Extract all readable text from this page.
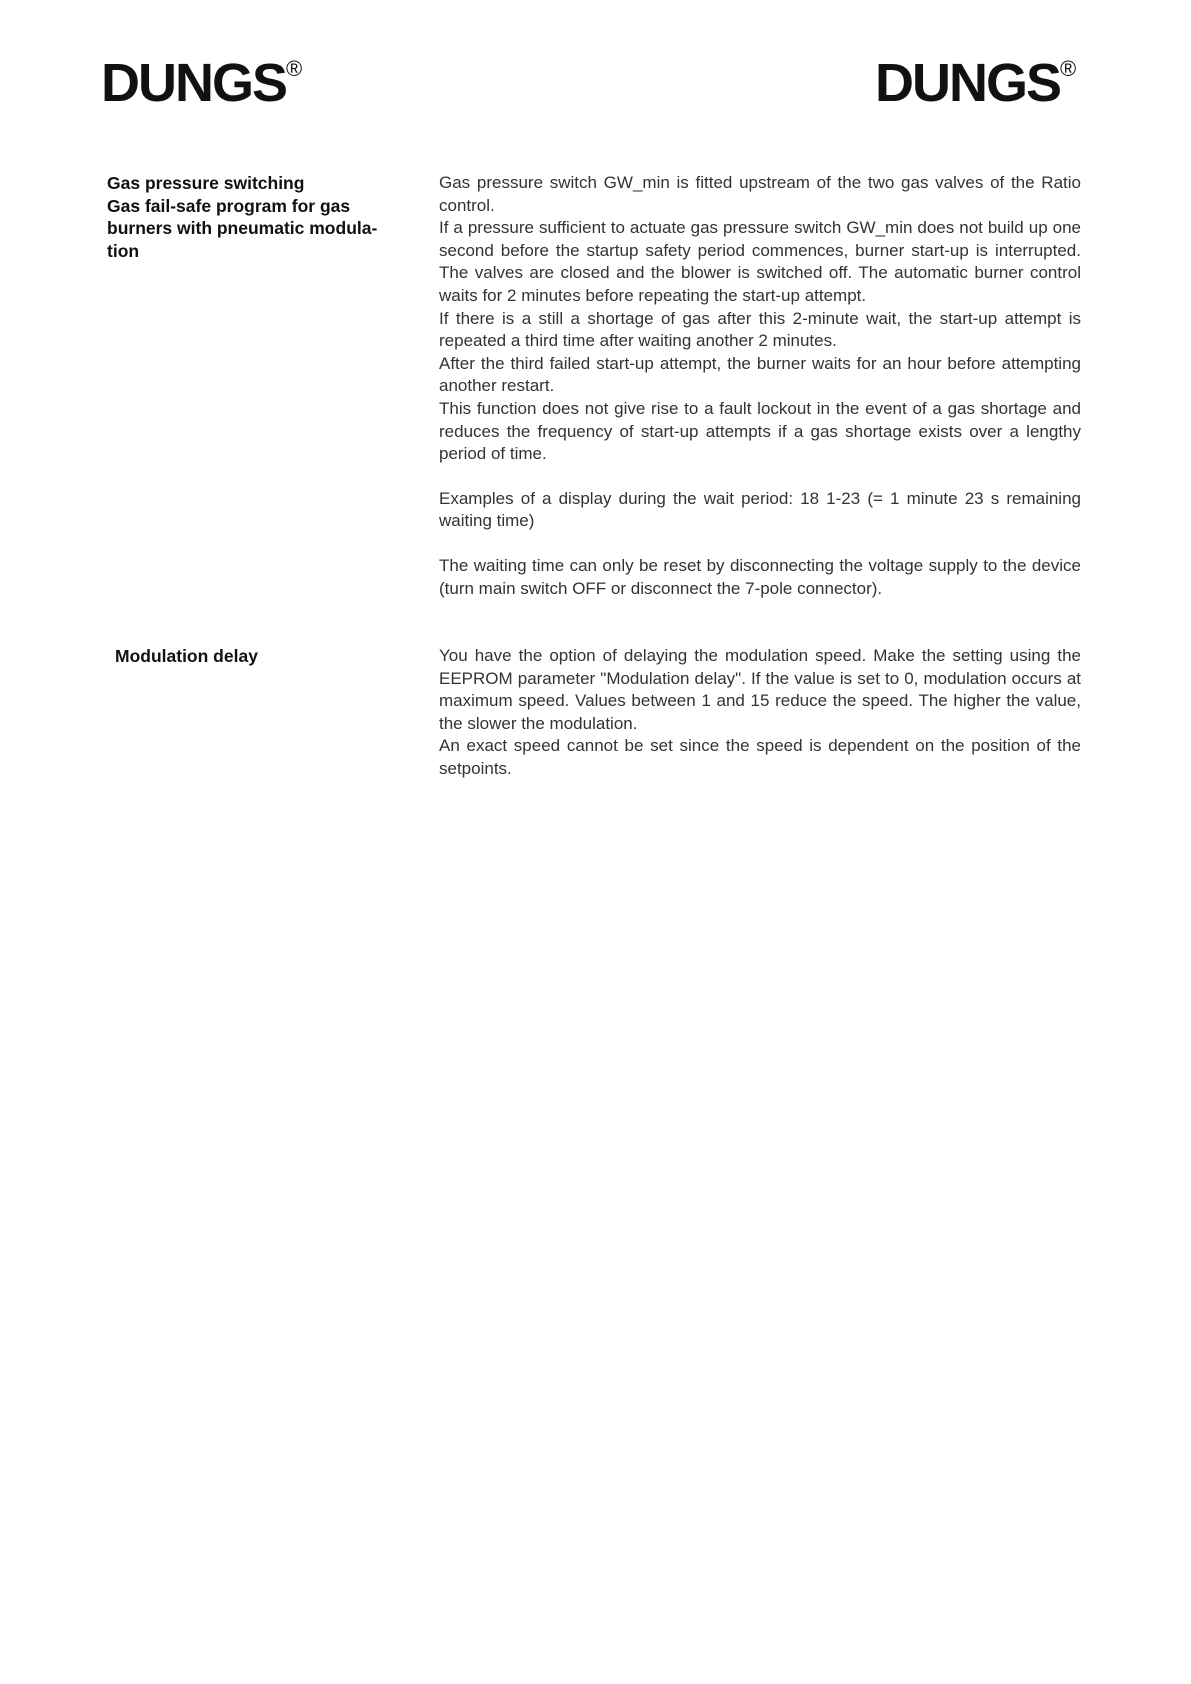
DUNGS®	DUNGS®
Gas pressure switching
Gas fail-safe program for gas
burners with pneumatic modula-
tion

Gas pressure switch GW_min is fitted upstream of the two gas valves of the Ratio control.

If a pressure sufficient to actuate gas pressure switch GW_min does not build up one second before the startup safety period commences, burner start-up is interrupted. The valves are closed and the blower is switched off. The automatic burner control waits for 2 minutes before repeating the start-up attempt.

If there is a still a shortage of gas after this 2-minute wait, the start-up attempt is repeated a third time after waiting another 2 minutes.

After the third failed start-up attempt, the burner waits for an hour before attempting another restart.

This function does not give rise to a fault lockout in the event of a gas shortage and reduces the frequency of start-up attempts if a gas shortage exists over a lengthy period of time.

Examples of a display during the wait period: 18 1-23 (= 1 minute 23 s remaining waiting time)

The waiting time can only be reset by disconnecting the voltage supply to the device (turn main switch OFF or disconnect the 7-pole connector).

Modulation delay	You have the option of delaying the modulation speed. Make the setting using the EEPROM parameter "Modulation delay". If the value is set to 0, modulation occurs at maximum speed. Values between 1 and 15 reduce the speed. The higher the value, the slower the modulation.

An exact speed cannot be set since the speed is dependent on the position of the setpoints.
